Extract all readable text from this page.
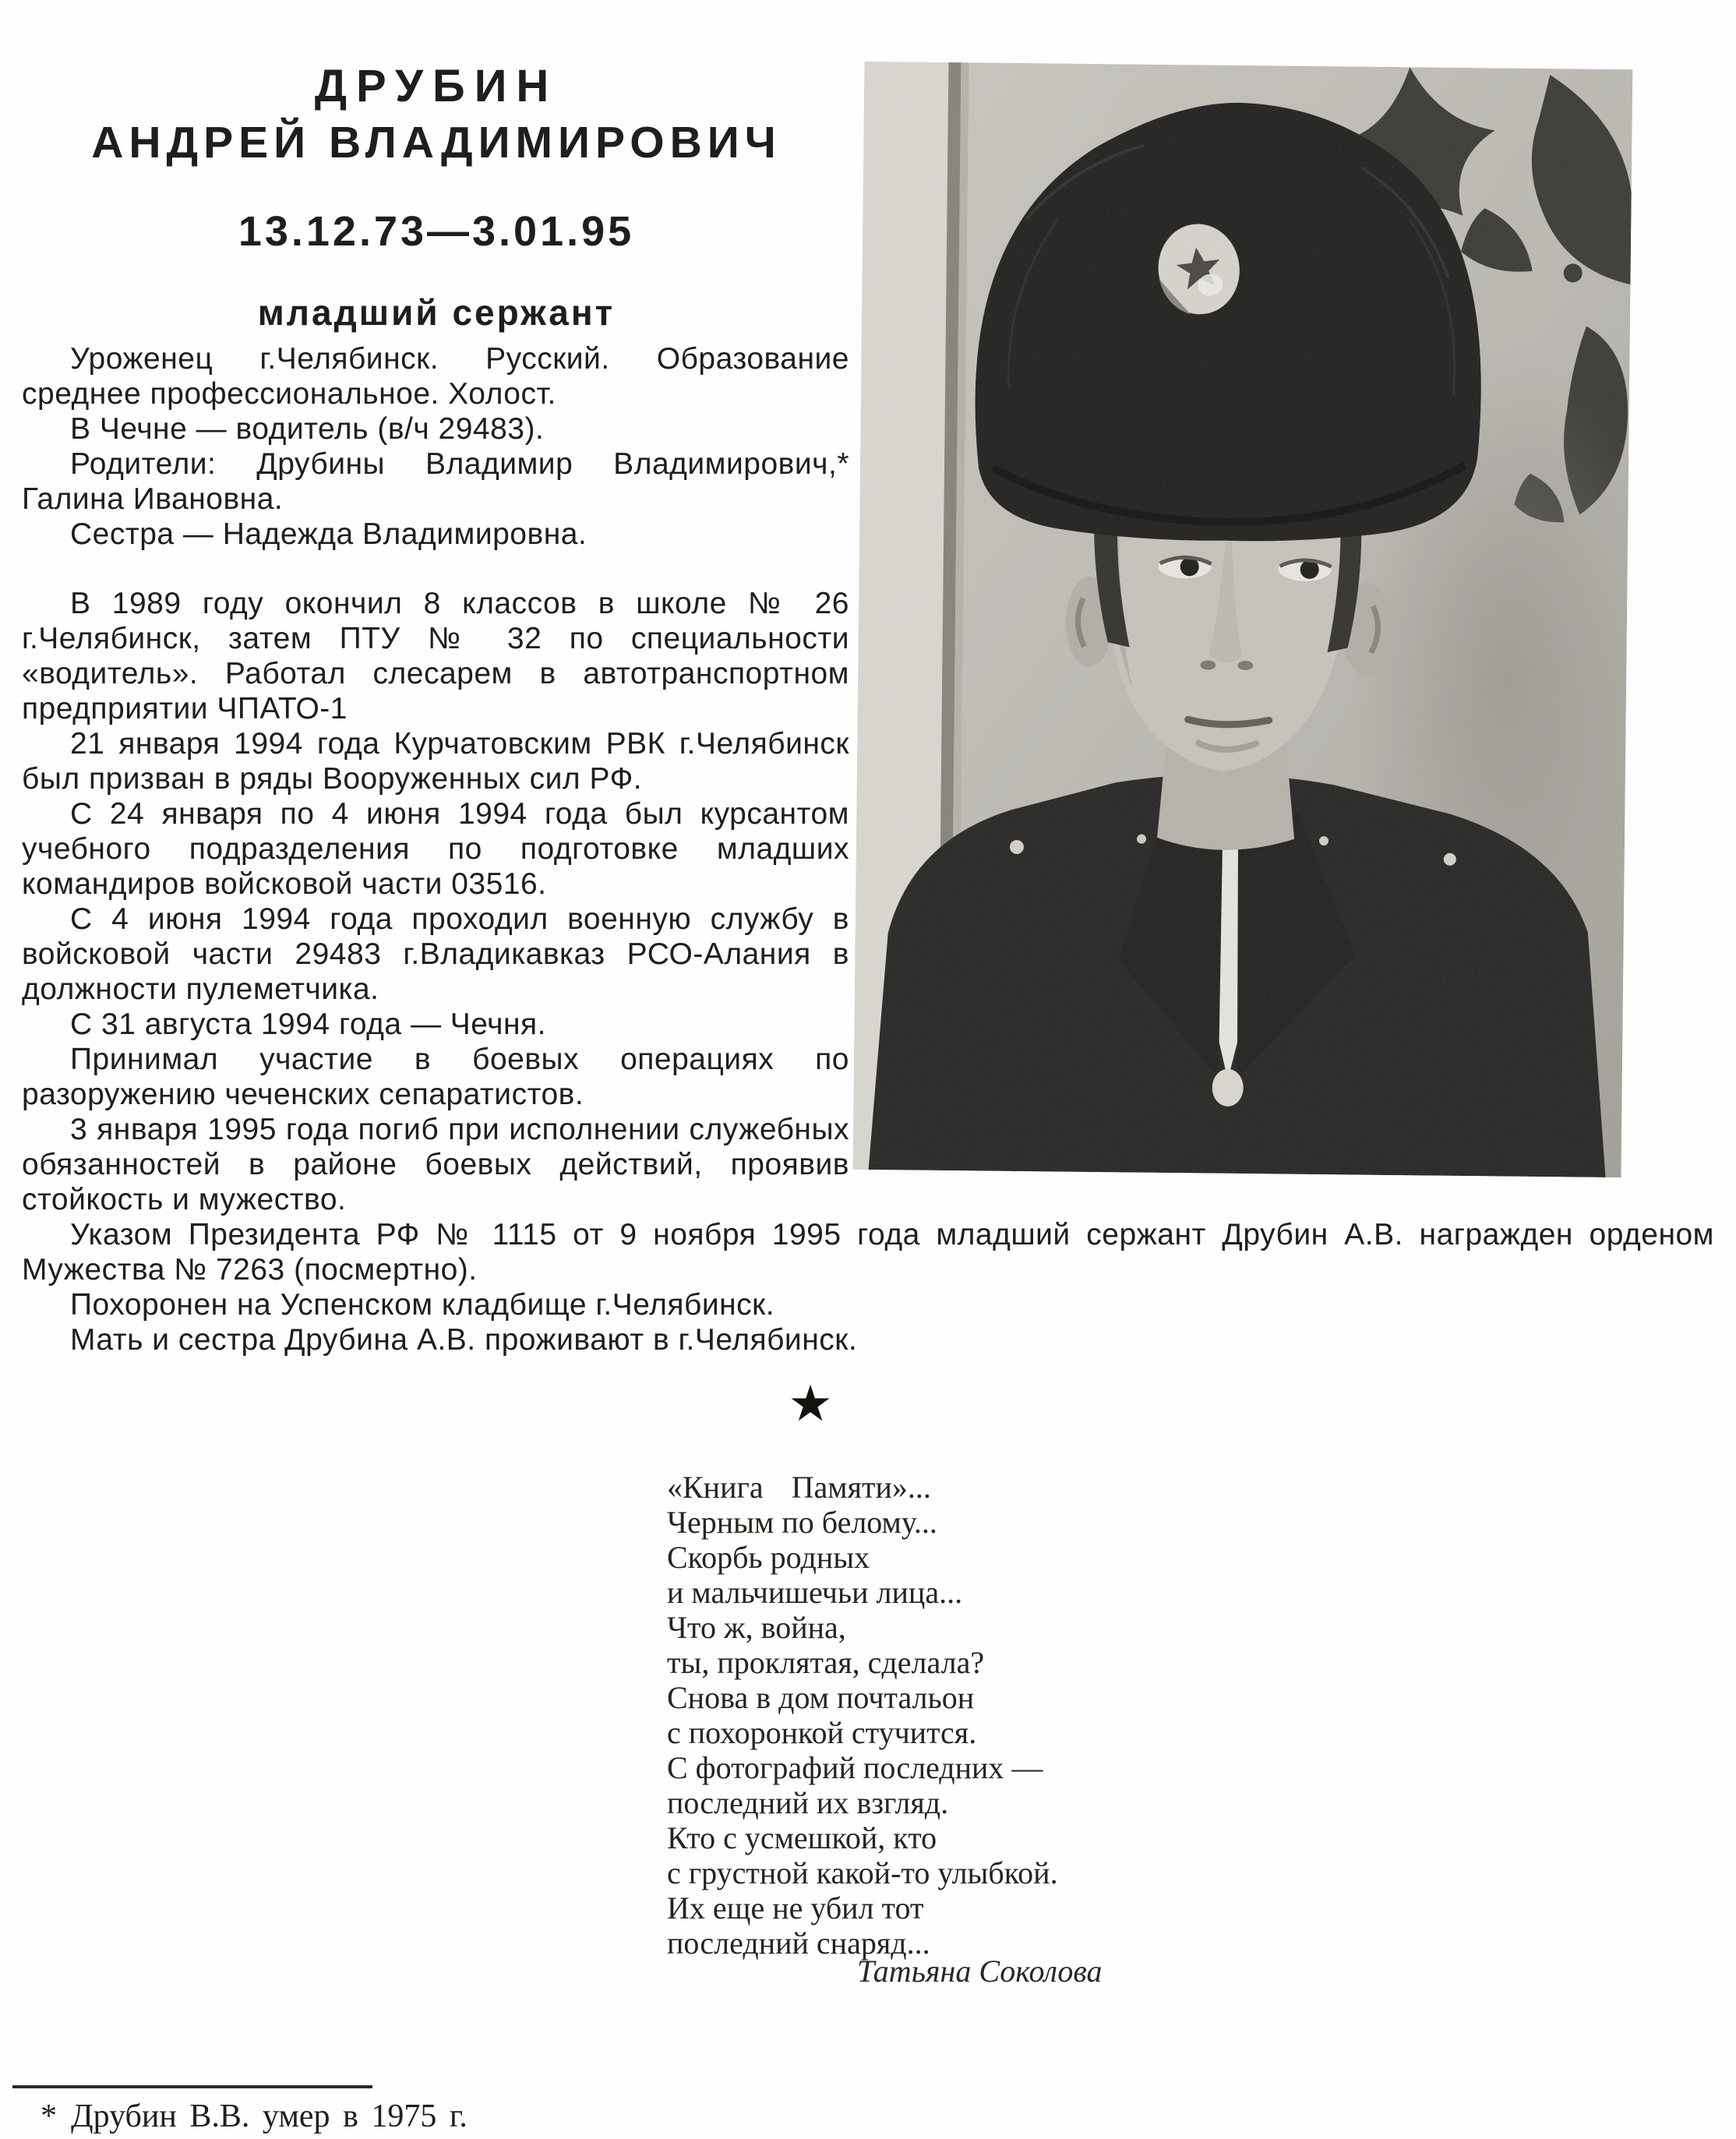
ДРУБИН
АНДРЕЙ ВЛАДИМИРОВИЧ
13.12.73—3.01.95
младший сержант

Уроженец г.Челябинск. Русский. Образование среднее профессиональное. Холост.

В Чечне — водитель (в/ч 29483).

Родители: Друбины Владимир Владимирович,* Галина Ивановна.

Сестра — Надежда Владимировна.

В 1989 году окончил 8 классов в школе № 26 г.Челябинск, затем ПТУ № 32 по специальности «водитель». Работал слесарем в автотранспортном предприятии ЧПАТО-1

21 января 1994 года Курчатовским РВК г.Челябинск был призван в ряды Вооруженных сил РФ.

С 24 января по 4 июня 1994 года был курсантом учебного подразделения по подготовке младших командиров войсковой части 03516.

С 4 июня 1994 года проходил военную службу в войсковой части 29483 г.Владикавказ РСО-Алания в должности пулеметчика.

С 31 августа 1994 года — Чечня.

Принимал участие в боевых операциях по разоружению чеченских сепаратистов.

3 января 1995 года погиб при исполнении служебных обязанностей в районе боевых действий, проявив стойкость и мужество.

Указом Президента РФ № 1115 от 9 ноября 1995 года младший сержант Друбин А.В. награжден орденом Мужества № 7263 (посмертно).

Похоронен на Успенском кладбище г.Челябинск.

Мать и сестра Друбина А.В. проживают в г.Челябинск.

★
«Книга Памяти»...
Черным по белому...
Скорбь родных
и мальчишечьи лица...
Что ж, война,
ты, проклятая, сделала?
Снова в дом почтальон
с похоронкой стучится.
С фотографий последних —
последний их взгляд.
Кто с усмешкой, кто
с грустной какой-то улыбкой.
Их еще не убил тот
последний снаряд...
Татьяна Соколова
* Друбин В.В. умер в 1975 г.
